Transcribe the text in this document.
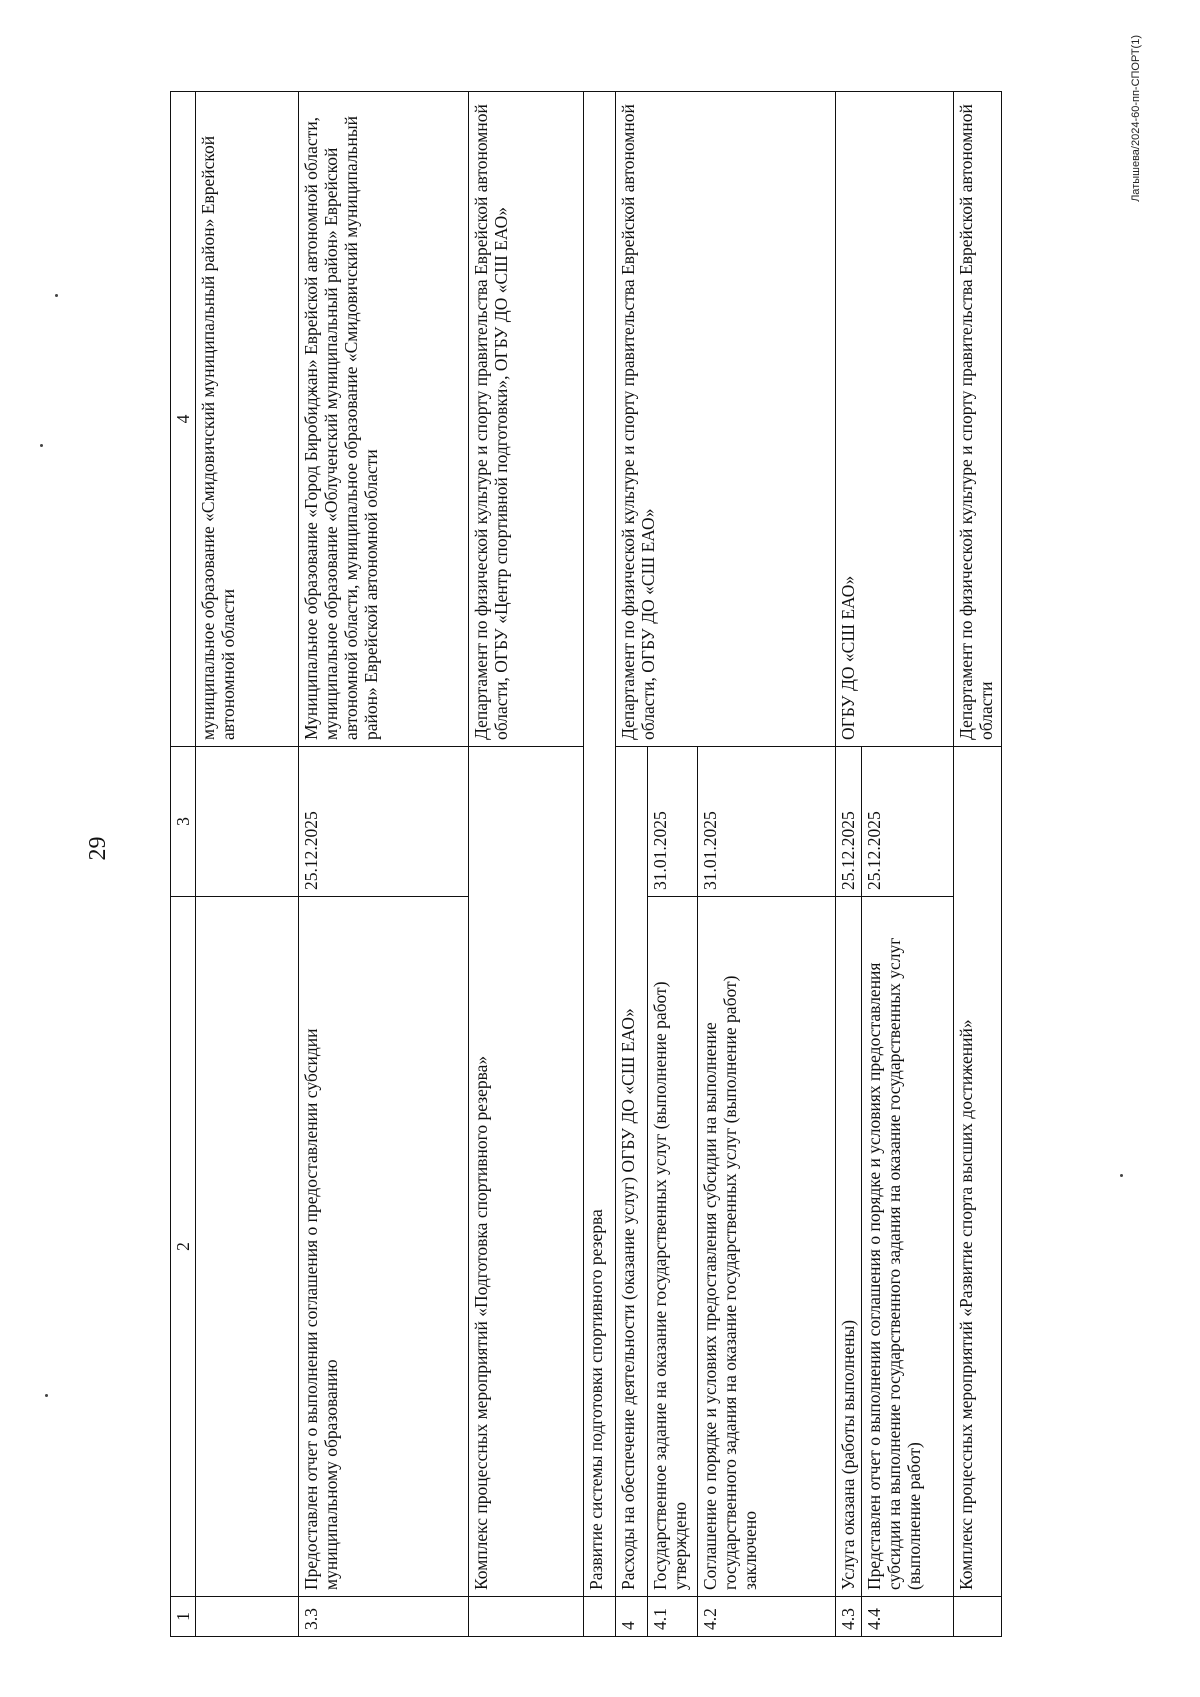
29
1	2	3	4
			муниципальное образование «Смидовичский муниципальный район» Еврейской автономной области
3.3	Предоставлен отчет о выполнении соглашения о предоставлении субсидии муниципальному образованию	25.12.2025	Муниципальное образование «Город Биробиджан» Еврейской автономной области, муниципальное образование «Облученский муниципальный район» Еврейской автономной области, муниципальное образование «Смидовичский муниципальный район» Еврейской автономной области
	Комплекс процессных мероприятий «Подготовка спортивного резерва»		Департамент по физической культуре и спорту правительства Еврейской автономной области, ОГБУ «Центр спортивной подготовки», ОГБУ ДО «СШ ЕАО»
	Развитие системы подготовки спортивного резерва		
4	Расходы на обеспечение деятельности (оказание услуг) ОГБУ ДО «СШ ЕАО»		Департамент по физической культуре и спорту правительства Еврейской автономной области, ОГБУ ДО «СШ ЕАО»
4.1	Государственное задание на оказание государственных услуг (выполнение работ) утверждено	31.01.2025	
4.2	Соглашение о порядке и условиях предоставления субсидии на выполнение государственного задания на оказание государственных услуг (выполнение работ) заключено	31.01.2025	
4.3	Услуга оказана (работы выполнены)	25.12.2025	ОГБУ ДО «СШ ЕАО»
4.4	Представлен отчет о выполнении соглашения о порядке и условиях предоставления субсидии на выполнение государственного задания на оказание государственных услуг (выполнение работ)	25.12.2025	
	Комплекс процессных мероприятий «Развитие спорта высших достижений»		Департамент по физической культуре и спорту правительства Еврейской автономной области
Латышева/2024-60-пп-СПОРТ(1)
